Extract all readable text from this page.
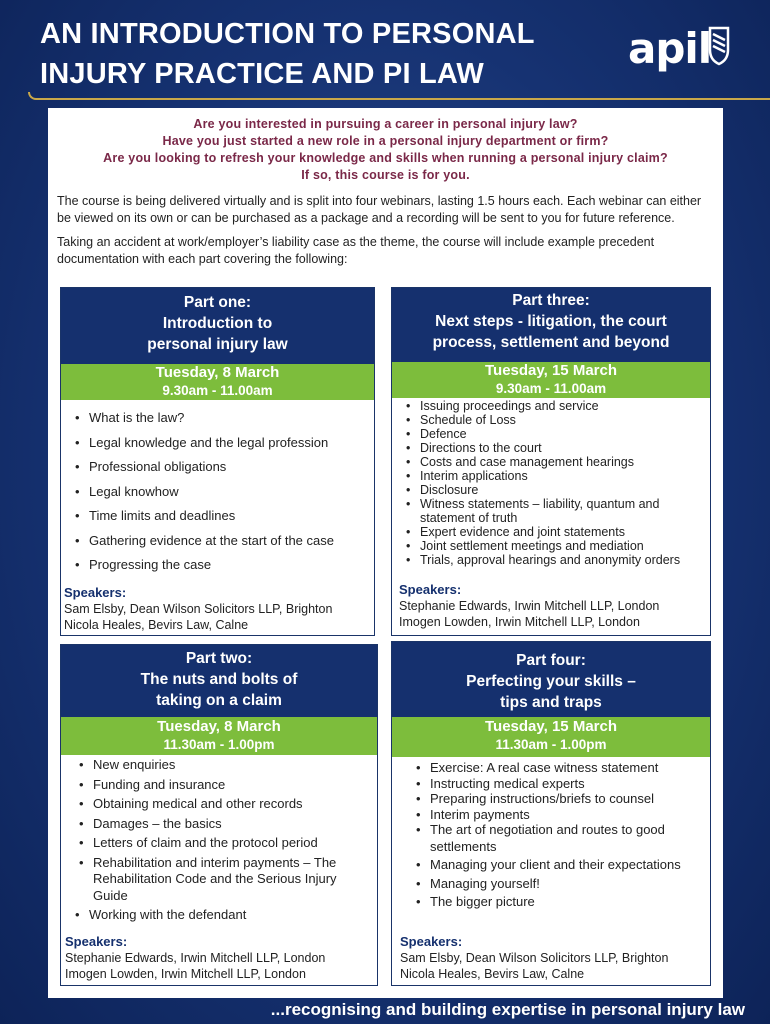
AN INTRODUCTION TO PERSONAL
INJURY PRACTICE AND PI LAW
apil
Are you interested in pursuing a career in personal injury law?
Have you just started a new role in a personal injury department or firm?
Are you looking to refresh your knowledge and skills when running a personal injury claim?
If so, this course is for you.

The course is being delivered virtually and is split into four webinars, lasting 1.5 hours each. Each webinar can either be viewed on its own or can be purchased as a package and a recording will be sent to you for future reference.

Taking an accident at work/employer’s liability case as the theme, the course will include example precedent documentation with each part covering the following:

Part one:
Introduction to
personal injury law
Tuesday, 8 March
9.30am - 11.00am
• What is the law?
• Legal knowledge and the legal profession
• Professional obligations
• Legal knowhow
• Time limits and deadlines
• Gathering evidence at the start of the case
• Progressing the case
Speakers:
Sam Elsby, Dean Wilson Solicitors LLP, Brighton
Nicola Heales, Bevirs Law, Calne
Part three:
Next steps - litigation, the court
process, settlement and beyond
Tuesday, 15 March
9.30am - 11.00am
• Issuing proceedings and service
• Schedule of Loss
• Defence
• Directions to the court
• Costs and case management hearings
• Interim applications
• Disclosure
• Witness statements – liability, quantum and statement of truth
• Expert evidence and joint statements
• Joint settlement meetings and mediation
• Trials, approval hearings and anonymity orders
Speakers:
Stephanie Edwards, Irwin Mitchell LLP, London
Imogen Lowden, Irwin Mitchell LLP, London
Part two:
The nuts and bolts of
taking on a claim
Tuesday, 8 March
11.30am - 1.00pm
• New enquiries
• Funding and insurance
• Obtaining medical and other records
• Damages – the basics
• Letters of claim and the protocol period
• Rehabilitation and interim payments – The Rehabilitation Code and the Serious Injury Guide
• Working with the defendant
Speakers:
Stephanie Edwards, Irwin Mitchell LLP, London
Imogen Lowden, Irwin Mitchell LLP, London
Part four:
Perfecting your skills –
tips and traps
Tuesday, 15 March
11.30am - 1.00pm
• Exercise: A real case witness statement
• Instructing medical experts
• Preparing instructions/briefs to counsel
• Interim payments
• The art of negotiation and routes to good settlements
• Managing your client and their expectations
• Managing yourself!
• The bigger picture
Speakers:
Sam Elsby, Dean Wilson Solicitors LLP, Brighton
Nicola Heales, Bevirs Law, Calne
...recognising and building expertise in personal injury law
